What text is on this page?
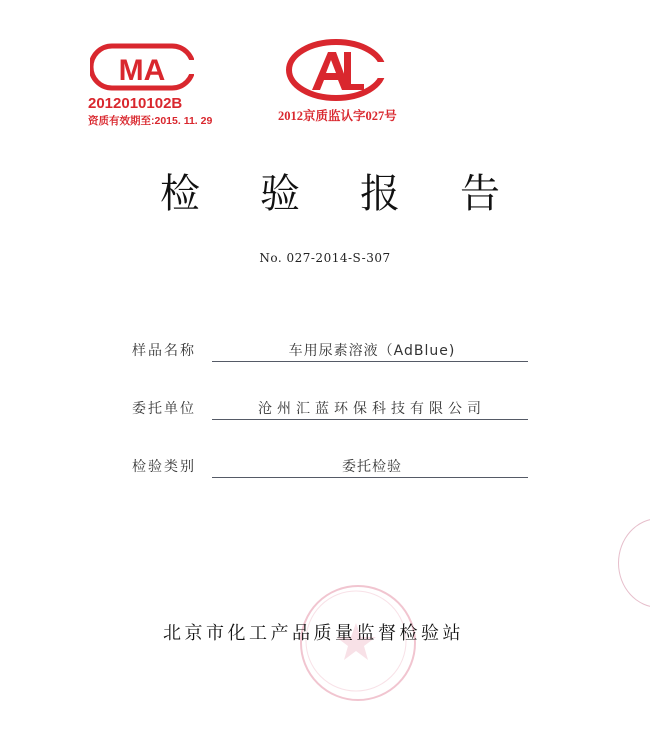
MA
2012010102B
资质有效期至:2015. 11. 29	2012京质监认字027号
检 验 报 告
No. 027-2014-S-307
样品名称	车用尿素溶液（AdBlue)
委托单位	沧州汇蓝环保科技有限公司
检验类别	委托检验
北京市化工产品质量监督检验站
